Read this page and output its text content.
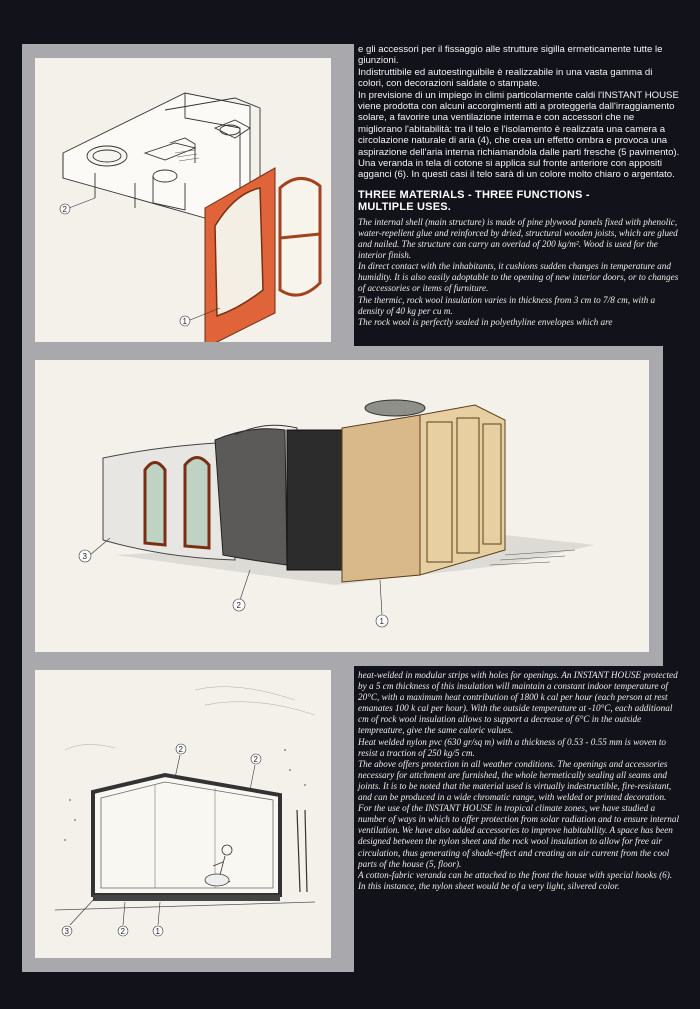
2
1

e gli accessori per il fissaggio alle strutture sigilla ermeticamente tutte le giunzioni.

Indistruttibile ed autoestinguibile è realizzabile in una vasta gamma di colori, con decorazioni saldate o stampate.

In previsione di un impiego in climi particolarmente caldi l'INSTANT HOUSE viene prodotta con alcuni accorgimenti atti a proteggerla dall'irraggiamento solare, a favorire una ventilazione interna e con accessori che ne migliorano l'abitabilità: tra il telo e l'isolamento è realizzata una camera a circolazione naturale di aria (4), che crea un effetto ombra e provoca una aspirazione dell'aria interna richiamandola dalle parti fresche (5 pavimento).

Una veranda in tela di cotone si applica sul fronte anteriore con appositi agganci (6). In questi casi il telo sarà di un colore molto chiaro o argentato.

THREE MATERIALS - THREE FUNCTIONS -
MULTIPLE USES.

The internal shell (main structure) is made of pine plywood panels fixed with phenolic, water-repellent glue and reinforced by dried, structural wooden joists, which are glued and nailed. The structure can carry an overlad of 200 kg/m². Wood is used for the interior finish.

In direct contact with the inhabitants, it cushions sudden changes in temperature and humidity. It is also easily adoptable to the opening of new interior doors, or to changes of accessories or items of furniture.

The thermic, rock wool insulation varies in thickness from 3 cm to 7/8 cm, with a density of 40 kg per cu m.

The rock wool is perfectly sealed in polyethyline envelopes which are

3
2
1
2
2
3	2	1

heat-welded in modular strips with holes for openings. An INSTANT HOUSE protected by a 5 cm thickness of this insulation will maintain a constant indoor temperature of 20°C, with a maximum heat contribution of 1800 k cal per hour (each person at rest emanates 100 k cal per hour). With the outside temperature at -10°C, each additional cm of rock wool insulation allows to support a decrease of 6°C in the outside tempreature, give the same caloric values.

Heat welded nylon pvc (630 gr/sq m) with a thickness of 0.53 - 0.55 mm is woven to resist a traction of 250 kg/5 cm.

The above offers protection in all weather conditions. The openings and accessories necessary for attchment are furnished, the whole hermetically sealing all seams and joints. It is to be noted that the material used is virtually indestructible, fire-resistant, and can be produced in a wide chromatic range, with welded or printed decoration.

For the use of the INSTANT HOUSE in tropical climate zones, we have studied a number of ways in which to offer protection from solar radiation and to ensure internal ventilation. We have also added accessories to improve habitability. A space has been designed between the nylon sheet and the rock wool insulation to allow for free air circulation, thus generating of shade-effect and creating an air current from the cool parts of the house (5, floor).

A cotton-fabric veranda can be attached to the front the house with special hooks (6). In this instance, the nylon sheet would be of a very light, silvered color.
